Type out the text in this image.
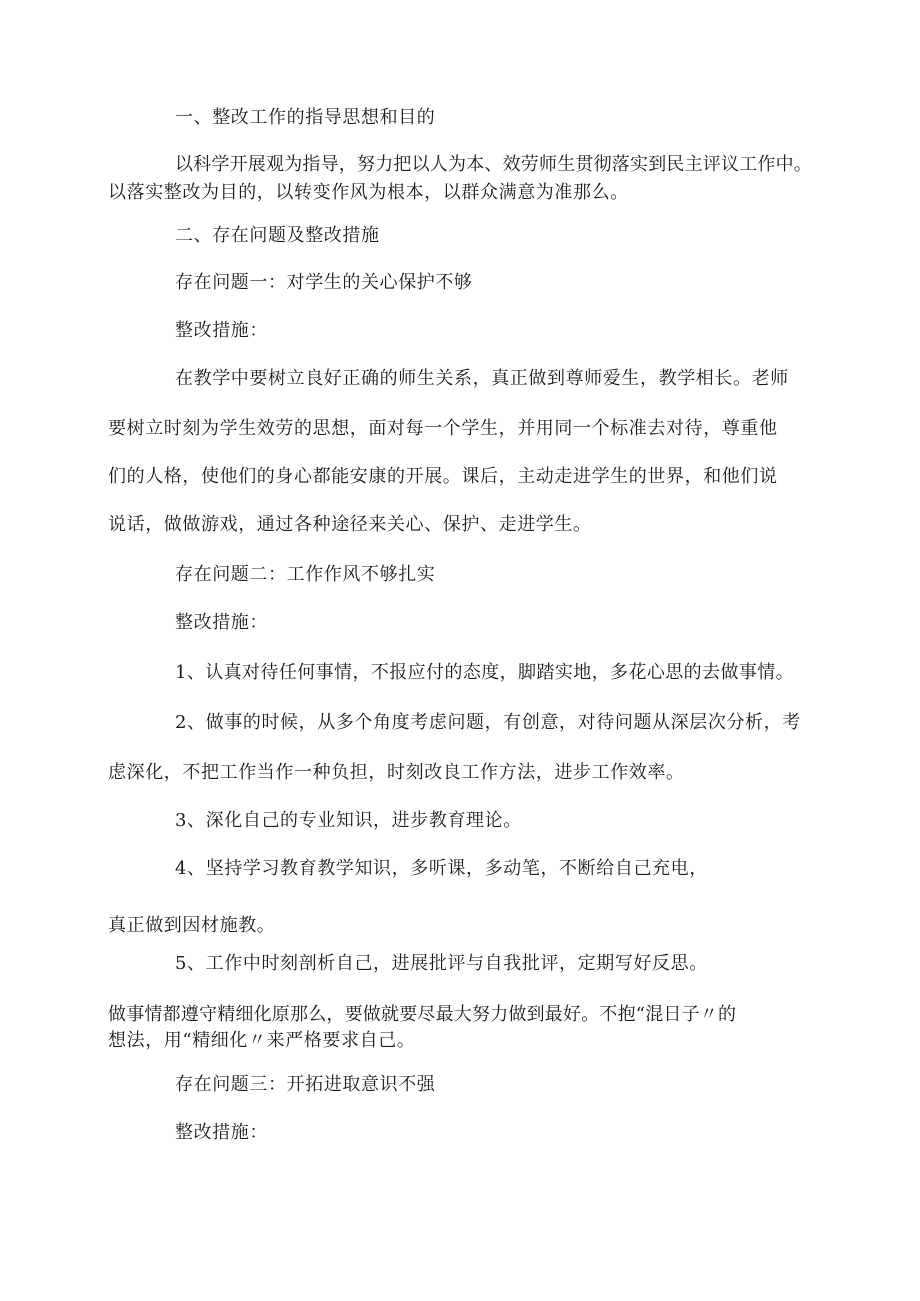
一、整改工作的指导思想和目的
以科学开展观为指导，努力把以人为本、效劳师生贯彻落实到民主评议工作中。
以落实整改为目的，以转变作风为根本，以群众满意为准那么。
二、存在问题及整改措施
存在问题一：对学生的关心保护不够
整改措施：
在教学中要树立良好正确的师生关系，真正做到尊师爱生，教学相长。老师
要树立时刻为学生效劳的思想，面对每一个学生，并用同一个标准去对待，尊重他
们的人格，使他们的身心都能安康的开展。课后，主动走进学生的世界，和他们说
说话，做做游戏，通过各种途径来关心、保护、走进学生。
存在问题二：工作作风不够扎实
整改措施：
1、认真对待任何事情，不报应付的态度，脚踏实地，多花心思的去做事情。
2、做事的时候，从多个角度考虑问题，有创意，对待问题从深层次分析，考
虑深化，不把工作当作一种负担，时刻改良工作方法，进步工作效率。
3、深化自己的专业知识，进步教育理论。
4、坚持学习教育教学知识，多听课，多动笔，不断给自己充电，
真正做到因材施教。
5、工作中时刻剖析自己，进展批评与自我批评，定期写好反思。
做事情都遵守精细化原那么，要做就要尽最大努力做到最好。不抱“混日子〃的
想法，用“精细化〃来严格要求自己。
存在问题三：开拓进取意识不强
整改措施：
